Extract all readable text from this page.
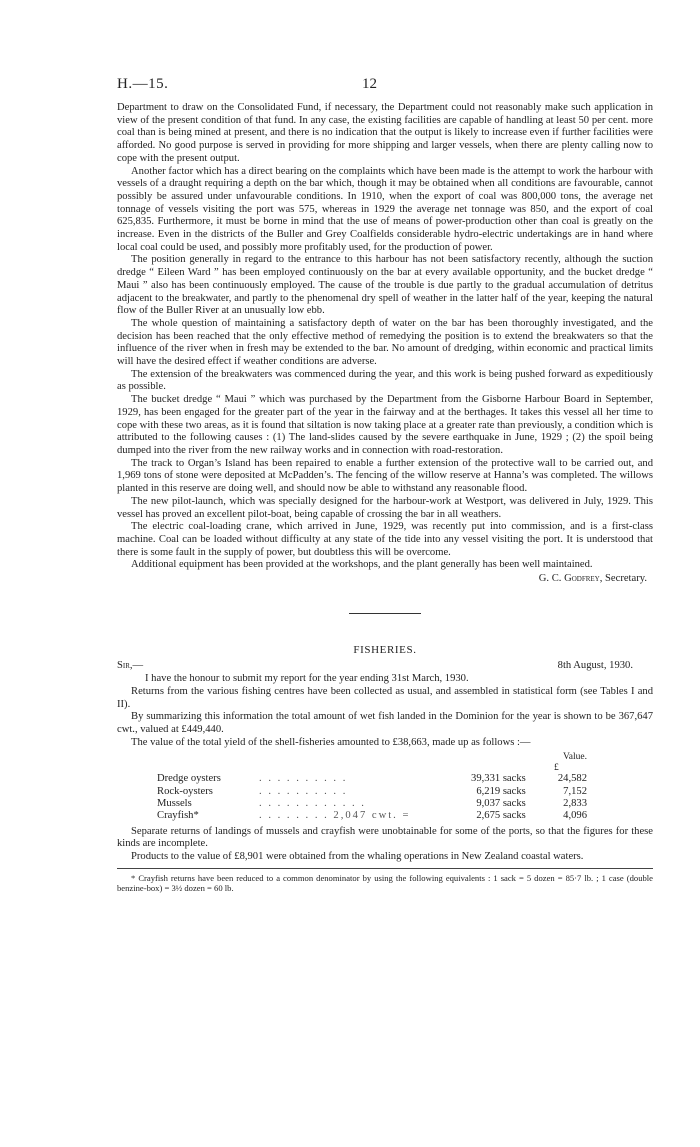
H.—15.	12

Department to draw on the Consolidated Fund, if necessary, the Department could not reasonably make such application in view of the present condition of that fund. In any case, the existing facilities are capable of handling at least 50 per cent. more coal than is being mined at present, and there is no indication that the output is likely to increase even if further facilities were afforded. No good purpose is served in providing for more shipping and larger vessels, when there are plenty calling now to cope with the present output.

Another factor which has a direct bearing on the complaints which have been made is the attempt to work the harbour with vessels of a draught requiring a depth on the bar which, though it may be obtained when all conditions are favourable, cannot possibly be assured under unfavourable conditions. In 1910, when the export of coal was 800,000 tons, the average net tonnage of vessels visiting the port was 575, whereas in 1929 the average net tonnage was 850, and the export of coal 625,835. Furthermore, it must be borne in mind that the use of means of power-production other than coal is greatly on the increase. Even in the districts of the Buller and Grey Coalfields considerable hydro-electric undertakings are in hand where local coal could be used, and possibly more profitably used, for the production of power.

The position generally in regard to the entrance to this harbour has not been satisfactory recently, although the suction dredge “ Eileen Ward ” has been employed continuously on the bar at every available opportunity, and the bucket dredge “ Maui ” also has been continuously employed. The cause of the trouble is due partly to the gradual accumulation of detritus adjacent to the breakwater, and partly to the phenomenal dry spell of weather in the latter half of the year, keeping the natural flow of the Buller River at an unusually low ebb.

The whole question of maintaining a satisfactory depth of water on the bar has been thoroughly investigated, and the decision has been reached that the only effective method of remedying the position is to extend the breakwaters so that the influence of the river when in fresh may be extended to the bar. No amount of dredging, within economic and practical limits will have the desired effect if weather conditions are adverse.

The extension of the breakwaters was commenced during the year, and this work is being pushed forward as expeditiously as possible.

The bucket dredge “ Maui ” which was purchased by the Department from the Gisborne Harbour Board in September, 1929, has been engaged for the greater part of the year in the fairway and at the berthages. It takes this vessel all her time to cope with these two areas, as it is found that siltation is now taking place at a greater rate than previously, a condition which is attributed to the following causes : (1) The land-slides caused by the severe earthquake in June, 1929 ; (2) the spoil being dumped into the river from the new railway works and in connection with road-restoration.

The track to Organ’s Island has been repaired to enable a further extension of the protective wall to be carried out, and 1,969 tons of stone were deposited at McPadden’s. The fencing of the willow reserve at Hanna’s was completed. The willows planted in this reserve are doing well, and should now be able to withstand any reasonable flood.

The new pilot-launch, which was specially designed for the harbour-work at Westport, was delivered in July, 1929. This vessel has proved an excellent pilot-boat, being capable of crossing the bar in all weathers.

The electric coal-loading crane, which arrived in June, 1929, was recently put into commission, and is a first-class machine. Coal can be loaded without difficulty at any state of the tide into any vessel visiting the port. It is understood that there is some fault in the supply of power, but doubtless this will be overcome.

Additional equipment has been provided at the workshops, and the plant generally has been well maintained.

G. C. Godfrey, Secretary.
FISHERIES.
Sir,—	8th August, 1930.

I have the honour to submit my report for the year ending 31st March, 1930.

Returns from the various fishing centres have been collected as usual, and assembled in statistical form (see Tables I and II).

By summarizing this information the total amount of wet fish landed in the Dominion for the year is shown to be 367,647 cwt., valued at £449,440.

The value of the total yield of the shell-fisheries amounted to £38,663, made up as follows :—

			Value.
			£
Dredge oysters	. . . . . . . . . .	39,331 sacks	24,582
Rock-oysters	. . . . . . . . . .	6,219 sacks	7,152
Mussels	. . . . . . . . . . . .	9,037 sacks	2,833
Crayfish*	. . . . . . . . 2,047 cwt. =	2,675 sacks	4,096

Separate returns of landings of mussels and crayfish were unobtainable for some of the ports, so that the figures for these kinds are incomplete.

Products to the value of £8,901 were obtained from the whaling operations in New Zealand coastal waters.

* Crayfish returns have been reduced to a common denominator by using the following equivalents : 1 sack = 5 dozen = 85·7 lb. ; 1 case (double benzine-box) = 3½ dozen = 60 lb.
